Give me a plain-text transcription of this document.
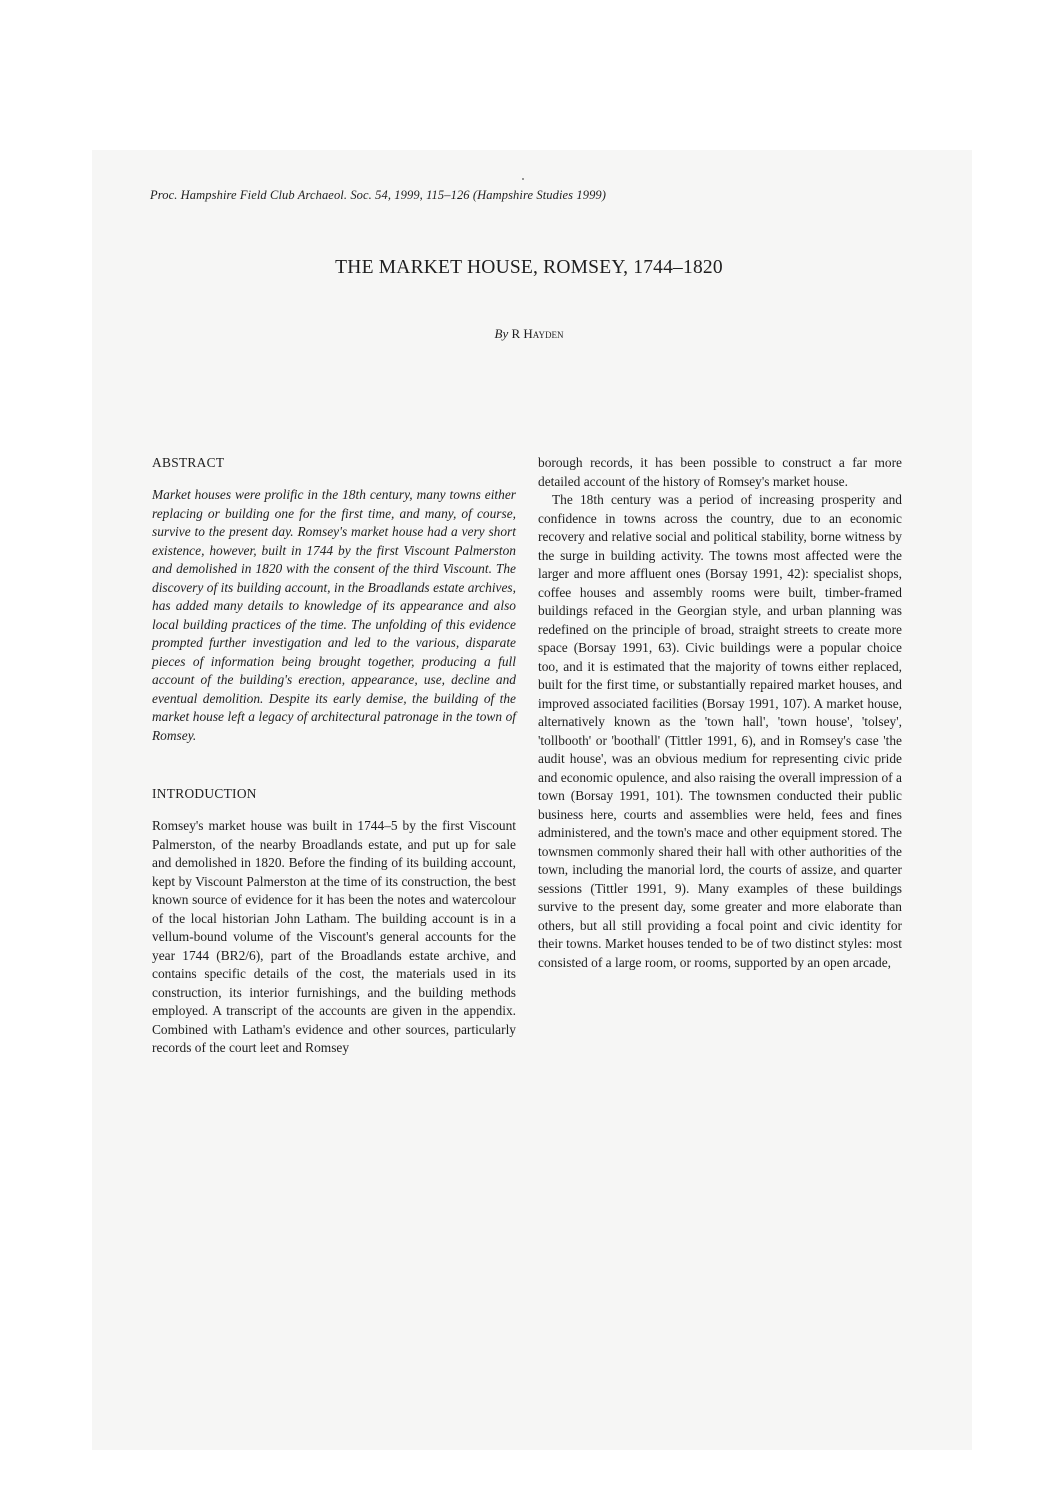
Proc. Hampshire Field Club Archaeol. Soc. 54, 1999, 115–126 (Hampshire Studies 1999)
THE MARKET HOUSE, ROMSEY, 1744–1820
By R Hayden
ABSTRACT

Market houses were prolific in the 18th century, many towns either replacing or building one for the first time, and many, of course, survive to the present day. Romsey's market house had a very short existence, however, built in 1744 by the first Viscount Palmerston and demolished in 1820 with the consent of the third Viscount. The discovery of its building account, in the Broadlands estate archives, has added many details to knowledge of its appearance and also local building practices of the time. The unfolding of this evidence prompted further investigation and led to the various, disparate pieces of information being brought together, producing a full account of the building's erection, appearance, use, decline and eventual demolition. Despite its early demise, the building of the market house left a legacy of architectural patronage in the town of Romsey.

INTRODUCTION

Romsey's market house was built in 1744–5 by the first Viscount Palmerston, of the nearby Broadlands estate, and put up for sale and demolished in 1820. Before the finding of its building account, kept by Viscount Palmerston at the time of its construction, the best known source of evidence for it has been the notes and watercolour of the local historian John Latham. The building account is in a vellum-bound volume of the Viscount's general accounts for the year 1744 (BR2/6), part of the Broadlands estate archive, and contains specific details of the cost, the materials used in its construction, its interior furnishings, and the building methods employed. A transcript of the accounts are given in the appendix. Combined with Latham's evidence and other sources, particularly records of the court leet and Romsey

borough records, it has been possible to construct a far more detailed account of the history of Romsey's market house.

The 18th century was a period of increasing prosperity and confidence in towns across the country, due to an economic recovery and relative social and political stability, borne witness by the surge in building activity. The towns most affected were the larger and more affluent ones (Borsay 1991, 42): specialist shops, coffee houses and assembly rooms were built, timber-framed buildings refaced in the Georgian style, and urban planning was redefined on the principle of broad, straight streets to create more space (Borsay 1991, 63). Civic buildings were a popular choice too, and it is estimated that the majority of towns either replaced, built for the first time, or substantially repaired market houses, and improved associated facilities (Borsay 1991, 107). A market house, alternatively known as the 'town hall', 'town house', 'tolsey', 'tollbooth' or 'boothall' (Tittler 1991, 6), and in Romsey's case 'the audit house', was an obvious medium for representing civic pride and economic opulence, and also raising the overall impression of a town (Borsay 1991, 101). The townsmen conducted their public business here, courts and assemblies were held, fees and fines administered, and the town's mace and other equipment stored. The townsmen commonly shared their hall with other authorities of the town, including the manorial lord, the courts of assize, and quarter sessions (Tittler 1991, 9). Many examples of these buildings survive to the present day, some greater and more elaborate than others, but all still providing a focal point and civic identity for their towns. Market houses tended to be of two distinct styles: most consisted of a large room, or rooms, supported by an open arcade,
